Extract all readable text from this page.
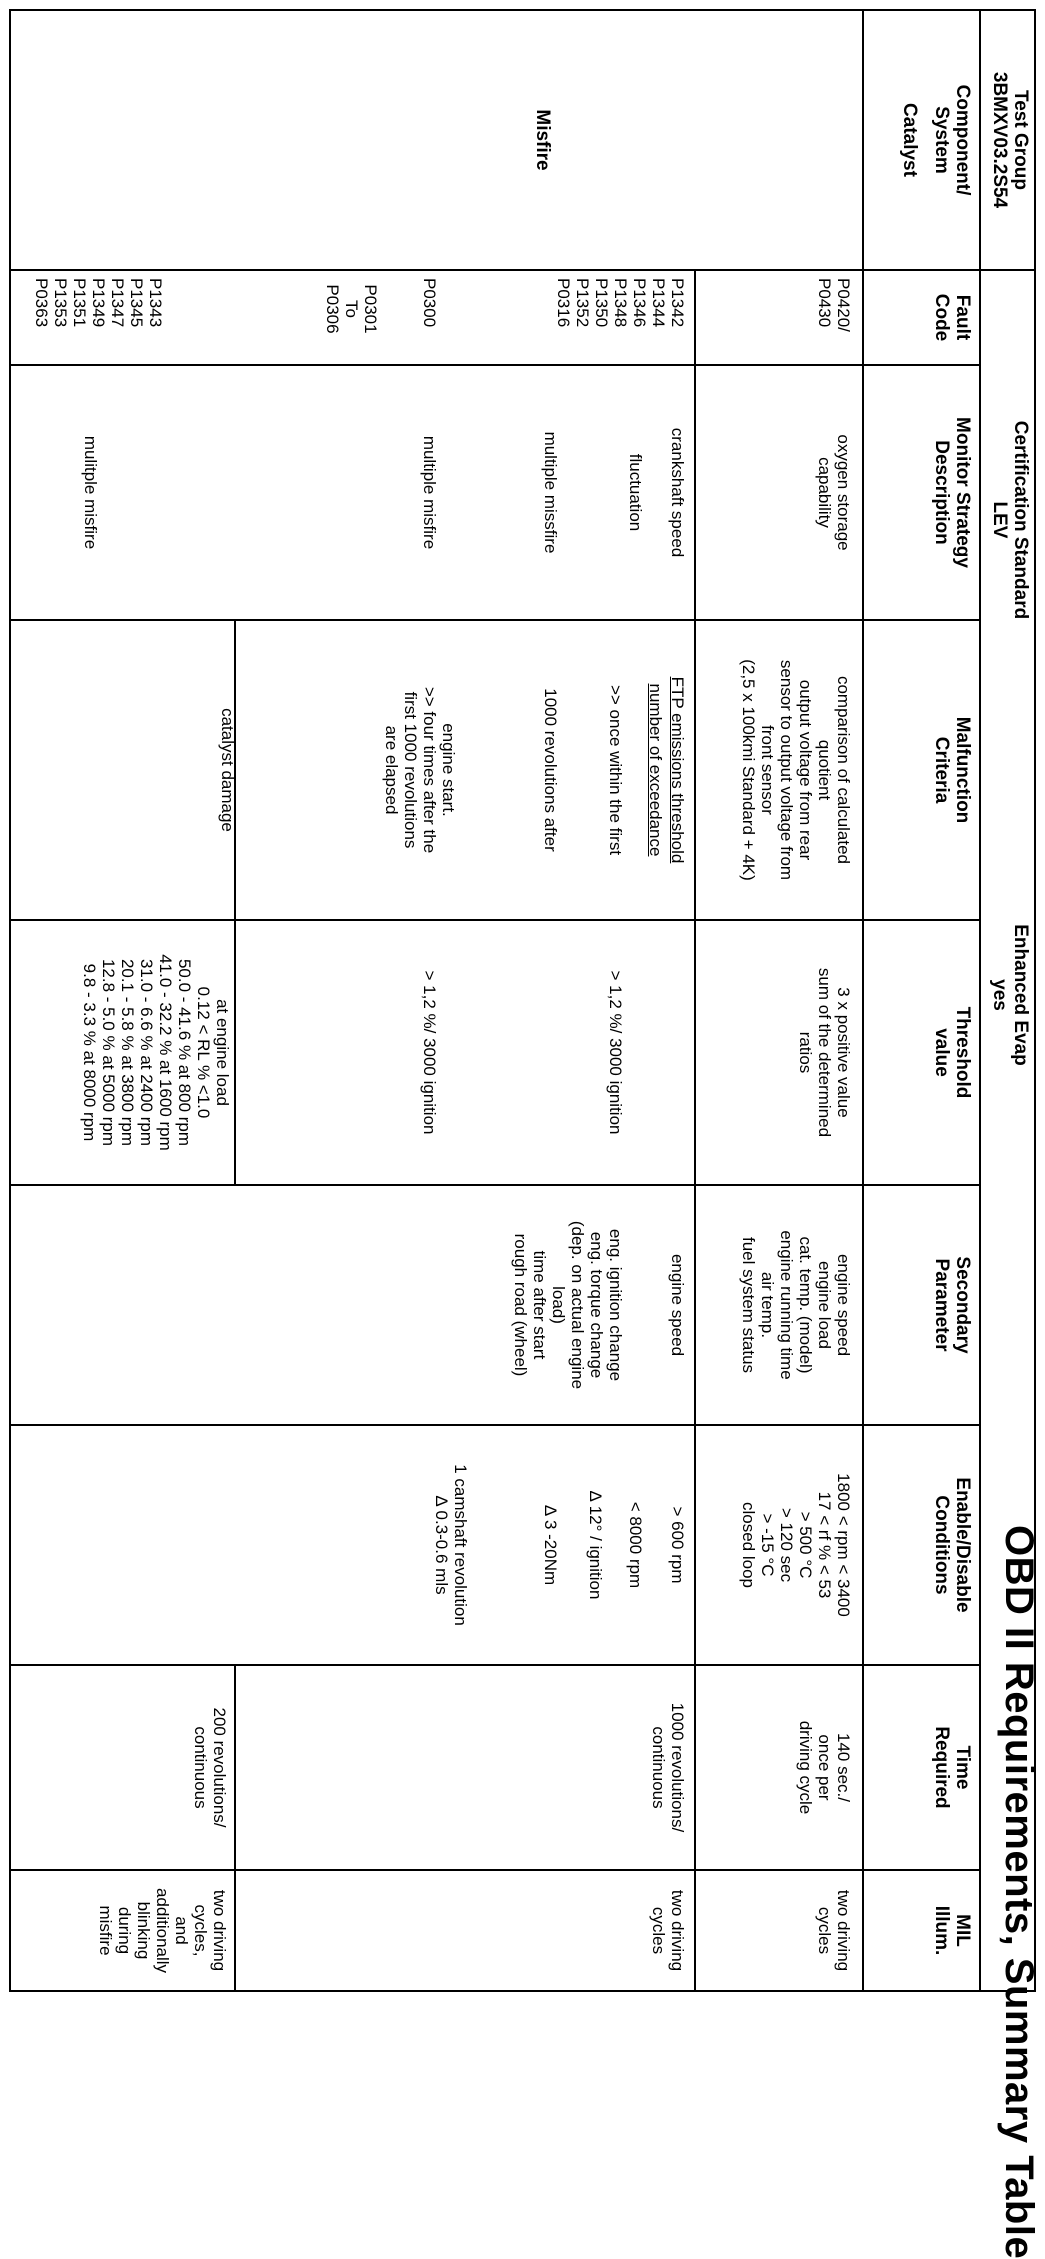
OBD II Requirements, Summary Table
Test Group
3BMXV03.2S54
Certification Standard
LEV
Enhanced Evap
yes
Component/
System
Fault
Code
Monitor Strategy
Description
Malfunction
Criteria
Threshold
value
Secondary
Parameter
Enable/Disable
Conditions
Time
Required
MIL
Illum.
Catalyst
P0420/
P0430
oxygen storage
capability
comparison of calculated
quotient
output voltage from rear
sensor to output voltage from
front sensor
(2,5 x 100kmi Standard + 4K)
3 x positive value
sum of the determined
ratios
engine speed
engine load
cat. temp. (model)
engine running time
air temp.
fuel system status
1800 < rpm < 3400
17 < rf % < 53
> 500 °C
> 120 sec
> -15 °C
closed loop
140 sec./
once per
driving cycle
two driving
cycles
Misfire
P1342
P1344
P1346
P1348
P1350
P1352
P0316
P0300
P0301
To
P0306
P1343
P1345
P1347
P1349
P1351
P1353
P0363
crankshaft speed
fluctuation
multiple missfire
multiple misfire
mulitple misfire
FTP emissions threshold
number of exceedance
>> once within the first
1000 revolutions after
engine start.
>> four times after the
first 1000 revolutions
are elapsed
catalyst damage
> 1,2 %/ 3000 ignition
> 1,2 %/ 3000 ignition
at engine load
0.12 < RL % <1.0
50.0 - 41.6 % at 800 rpm
41.0 - 32.2 % at 1600 rpm
31.0 - 6.6 % at 2400 rpm
20.1 - 5.8 % at 3800 rpm
12.8 - 5.0 % at 5000 rpm
9.8 - 3.3 % at 8000 rpm
engine speed
eng. ignition change
eng. torque change
(dep. on actual engine
load)
time after start
rough road (wheel)
> 600 rpm
< 8000 rpm
Δ 12° / ignition
Δ 3 -20Nm
1 camshaft revolution
Δ 0.3-0.6 mls
1000 revolutions/
continuous
200 revolutions/
continuous
two driving
cycles
two driving
cycles,
and
additionally
blinking
during
misfire
